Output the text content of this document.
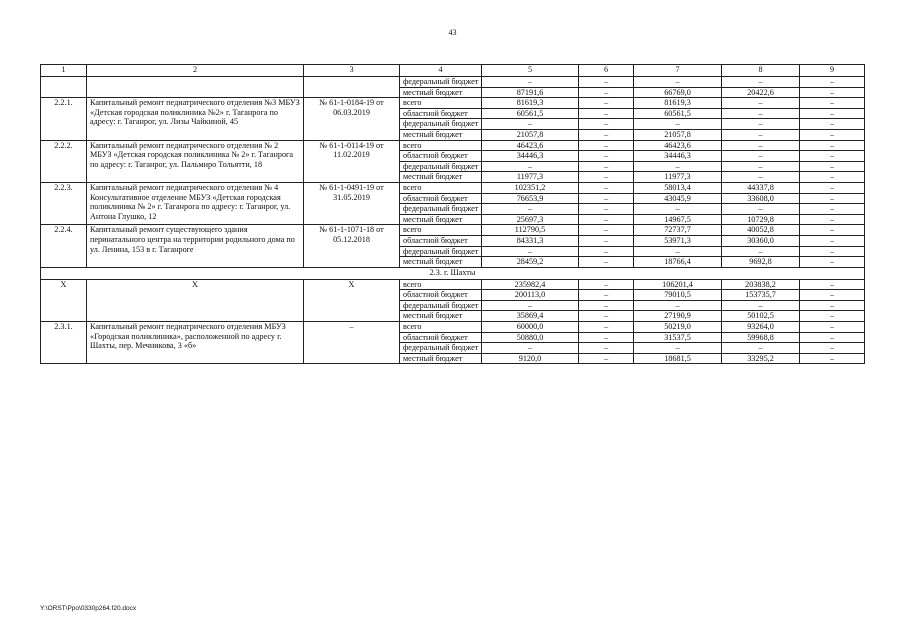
43
1	2	3	4	5	6	7	8	9
			федеральный бюджет	–	–	–	–	–
			местный бюджет	87191,6	–	66769,0	20422,6	–
2.2.1.	Капитальный ремонт педиатрического отделения №3 МБУЗ «Детская городская поликлиника №2» г. Таганрога по адресу: г. Таганрог, ул. Лизы Чайкиной, 45	№ 61-1-0184-19 от 06.03.2019	всего	81619,3	–	81619,3	–	–
			областной бюджет	60561,5	–	60561,5	–	–
			федеральный бюджет	–	–	–	–	–
			местный бюджет	21057,8	–	21057,8	–	–
2.2.2.	Капитальный ремонт педиатрического отделения № 2 МБУЗ «Детская городская поликлиника № 2» г. Таганрога по адресу: г. Таганрог, ул. Пальмиро Тольятти, 18	№ 61-1-0114-19 от 11.02.2019	всего	46423,6	–	46423,6	–	–
			областной бюджет	34446,3	–	34446,3	–	–
			федеральный бюджет	–	–	–	–	–
			местный бюджет	11977,3	–	11977,3	–	–
2.2.3.	Капитальный ремонт педиатрического отделения № 4 Консультативное отделение МБУЗ «Детская городская поликлиника № 2» г. Таганрога по адресу: г. Таганрог, ул. Антона Глушко, 12	№ 61-1-0491-19 от 31.05.2019	всего	102351,2	–	58013,4	44337,8	–
			областной бюджет	76653,9	–	43045,9	33608,0	–
			федеральный бюджет	–	–	–	–	–
			местный бюджет	25697,3	–	14967,5	10729,8	–
2.2.4.	Капитальный ремонт существующего здания перинатального центра на территории родильного дома по ул. Ленина, 153 в г. Таганроге	№ 61-1-1071-18 от 05.12.2018	всего	112790,5	–	72737,7	40052,8	–
			областной бюджет	84331,3	–	53971,3	30360,0	–
			федеральный бюджет	–	–	–	–	–
			местный бюджет	28459,2	–	18766,4	9692,8	–
2.3. г. Шахты								
Х	Х	Х	всего	235982,4	–	106201,4	203838,2	–
			областной бюджет	200113,0	–	79010,5	153735,7	–
			федеральный бюджет	–	–	–	–	–
			местный бюджет	35869,4	–	27190,9	50102,5	–
2.3.1.	Капитальный ремонт педиатрического отделения МБУЗ «Городская поликлиника», расположенной по адресу г. Шахты, пер. Мечникова, 3 «б»	–	всего	60000,0	–	50219,0	93264,0	–
			областной бюджет	50880,0	–	31537,5	59968,8	–
			федеральный бюджет	–	–	–	–	–
			местный бюджет	9120,0	–	18681,5	33295,2	–
Y:\ORST\Ppo\0330p264.f20.docx
